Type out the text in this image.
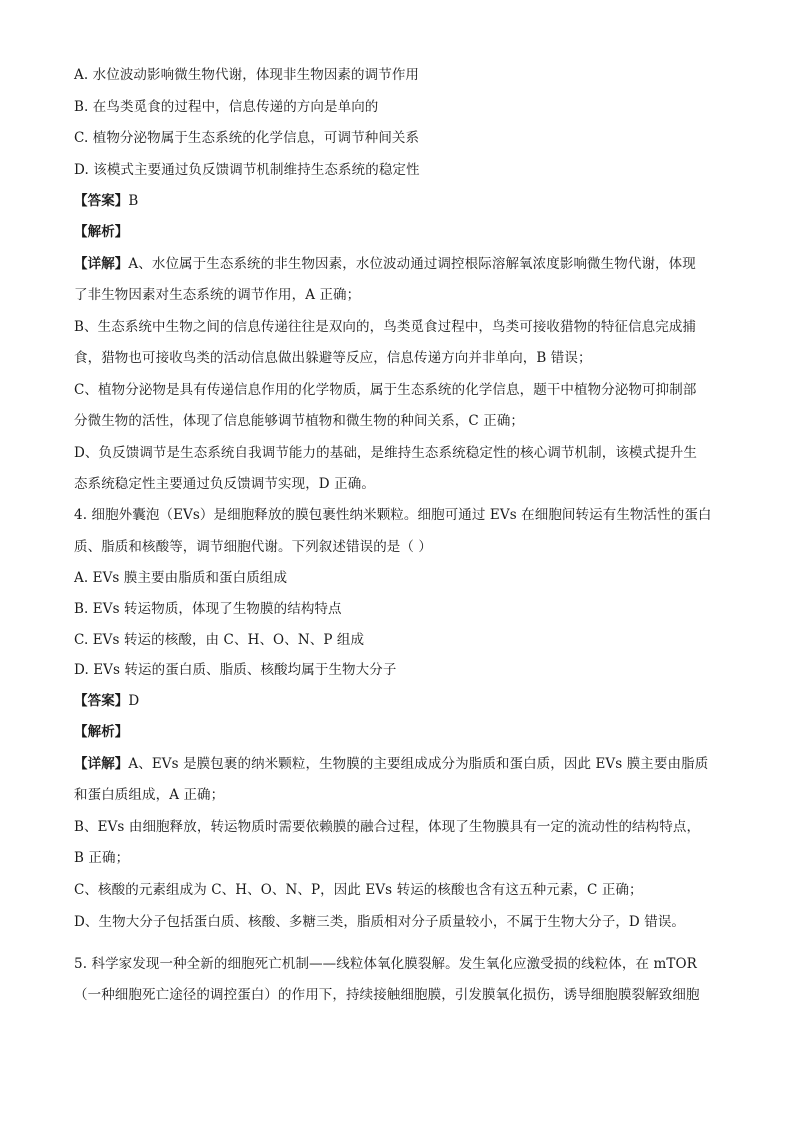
A. 水位波动影响微生物代谢，体现非生物因素的调节作用
B. 在鸟类觅食的过程中，信息传递的方向是单向的
C. 植物分泌物属于生态系统的化学信息，可调节种间关系
D. 该模式主要通过负反馈调节机制维持生态系统的稳定性
【答案】B
【解析】
【详解】A、水位属于生态系统的非生物因素，水位波动通过调控根际溶解氧浓度影响微生物代谢，体现
了非生物因素对生态系统的调节作用，A 正确；
B、生态系统中生物之间的信息传递往往是双向的，鸟类觅食过程中，鸟类可接收猎物的特征信息完成捕
食，猎物也可接收鸟类的活动信息做出躲避等反应，信息传递方向并非单向，B 错误；
C、植物分泌物是具有传递信息作用的化学物质，属于生态系统的化学信息，题干中植物分泌物可抑制部
分微生物的活性，体现了信息能够调节植物和微生物的种间关系，C 正确；
D、负反馈调节是生态系统自我调节能力的基础，是维持生态系统稳定性的核心调节机制，该模式提升生
态系统稳定性主要通过负反馈调节实现，D 正确。
4. 细胞外囊泡（EVs）是细胞释放的膜包裹性纳米颗粒。细胞可通过 EVs 在细胞间转运有生物活性的蛋白
质、脂质和核酸等，调节细胞代谢。下列叙述错误的是（ ）
A. EVs 膜主要由脂质和蛋白质组成
B. EVs 转运物质，体现了生物膜的结构特点
C. EVs 转运的核酸，由 C、H、O、N、P 组成
D. EVs 转运的蛋白质、脂质、核酸均属于生物大分子
【答案】D
【解析】
【详解】A、EVs 是膜包裹的纳米颗粒，生物膜的主要组成成分为脂质和蛋白质，因此 EVs 膜主要由脂质
和蛋白质组成，A 正确；
B、EVs 由细胞释放，转运物质时需要依赖膜的融合过程，体现了生物膜具有一定的流动性的结构特点，
B 正确；
C、核酸的元素组成为 C、H、O、N、P，因此 EVs 转运的核酸也含有这五种元素，C 正确；
D、生物大分子包括蛋白质、核酸、多糖三类，脂质相对分子质量较小，不属于生物大分子，D 错误。
5. 科学家发现一种全新的细胞死亡机制——线粒体氧化膜裂解。发生氧化应激受损的线粒体，在 mTOR
（一种细胞死亡途径的调控蛋白）的作用下，持续接触细胞膜，引发膜氧化损伤，诱导细胞膜裂解致细胞
